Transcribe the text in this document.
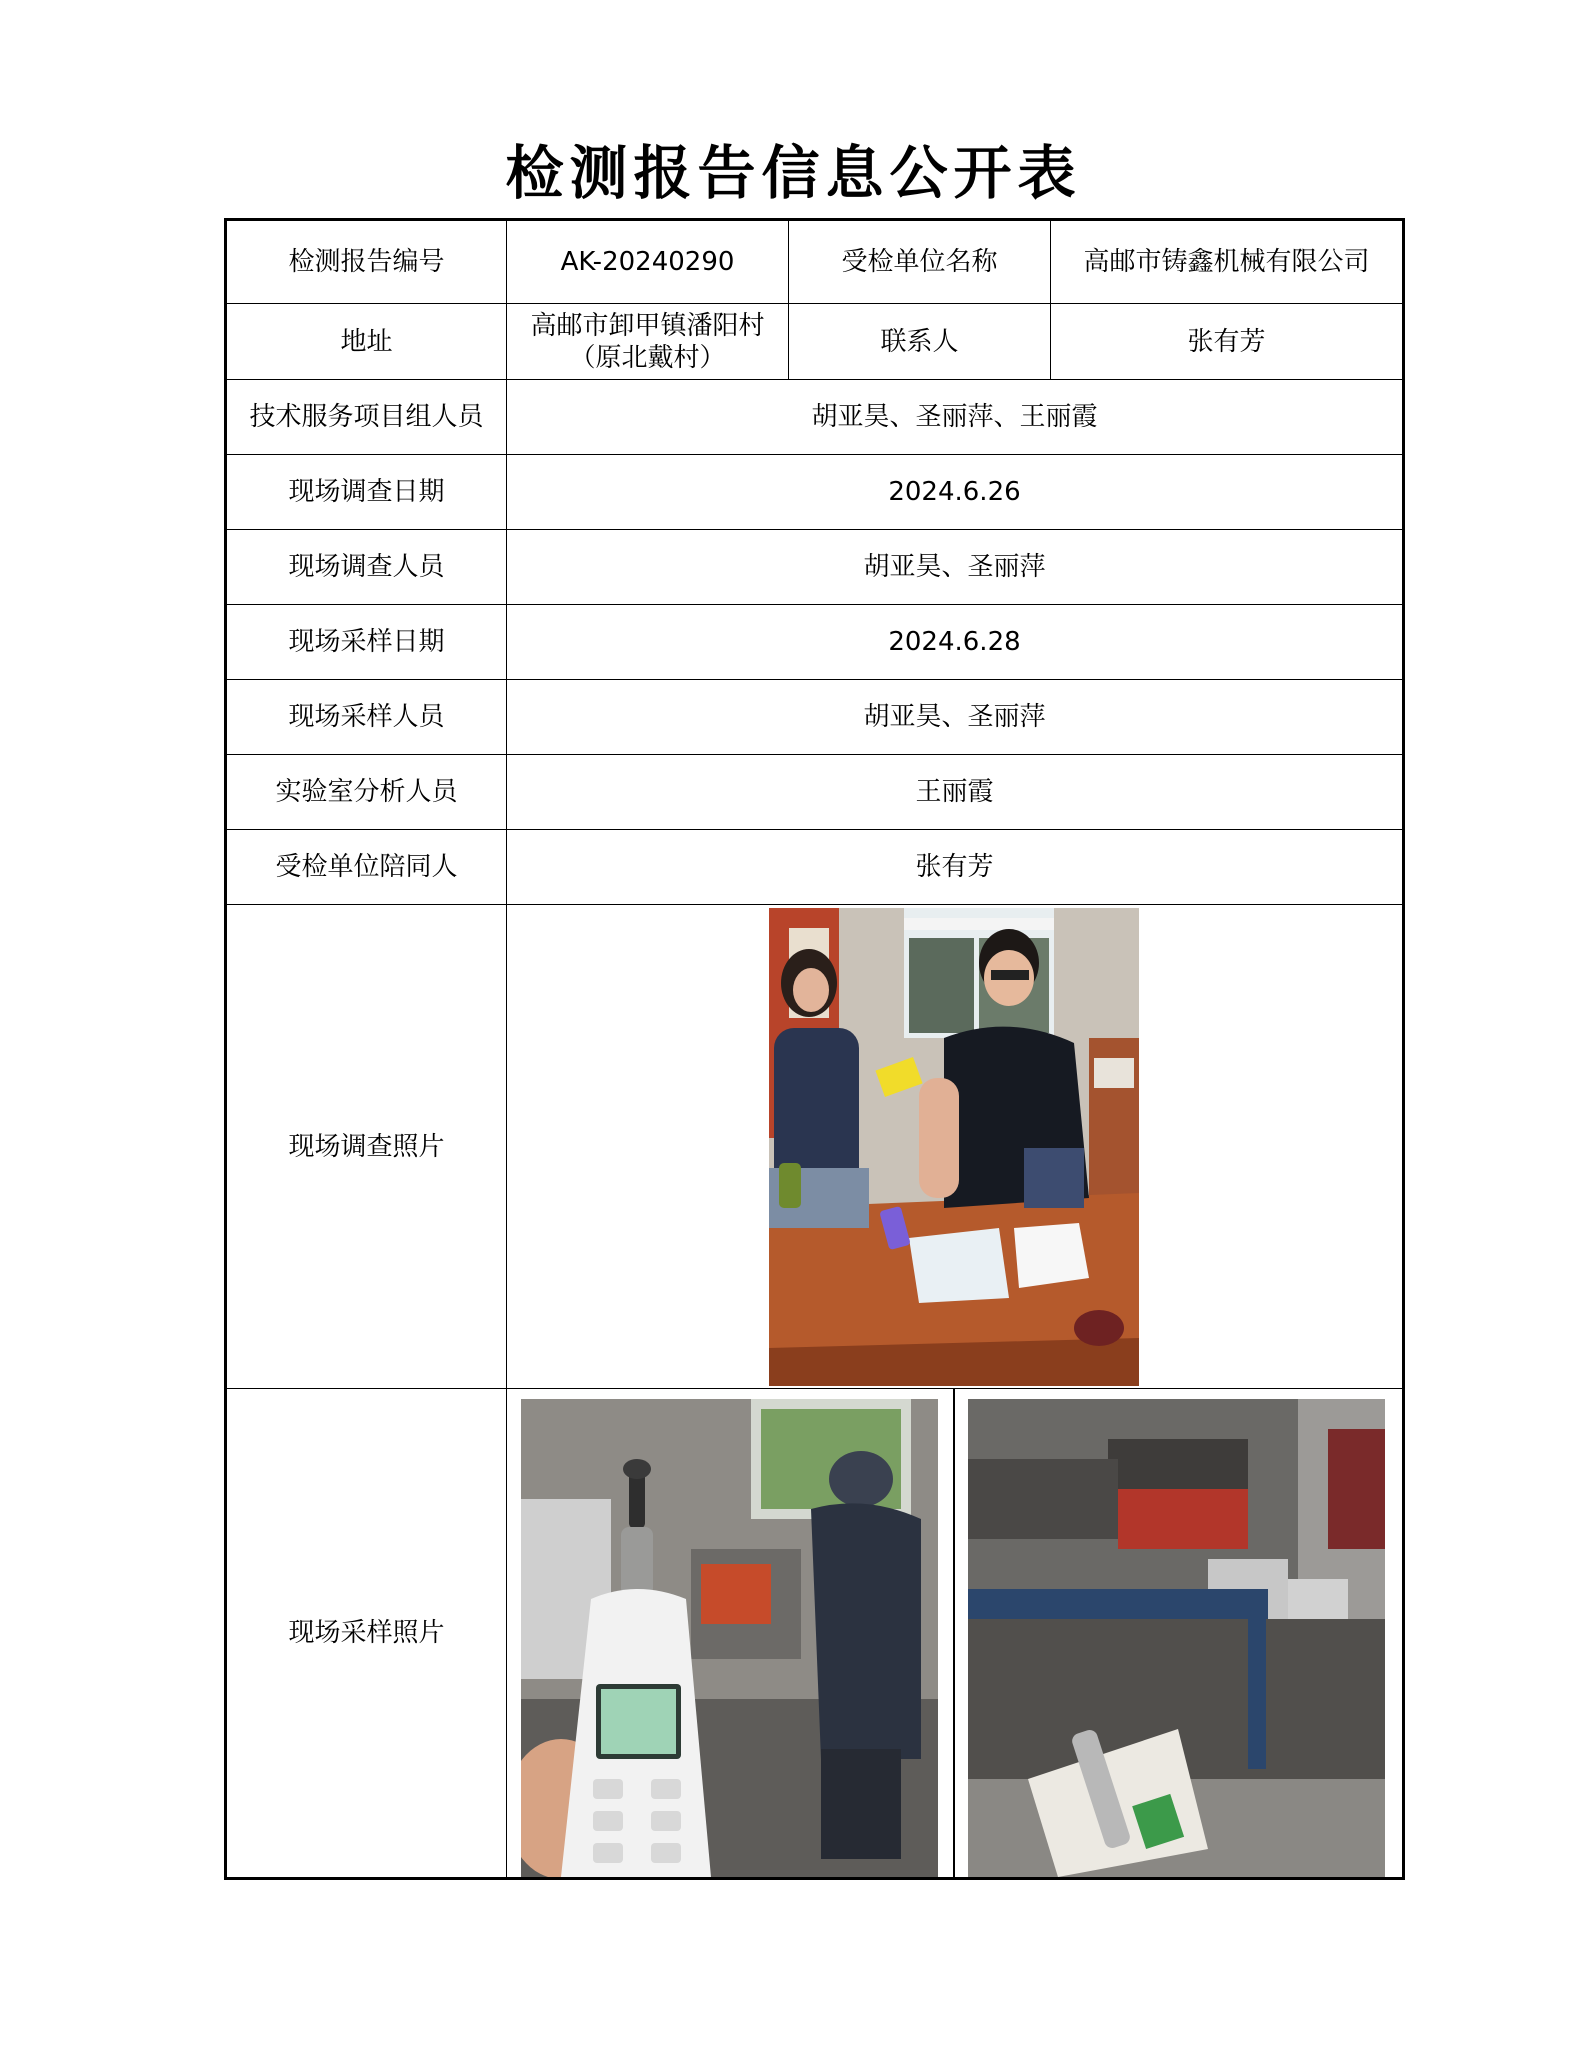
检测报告信息公开表
检测报告编号	AK-20240290	受检单位名称	高邮市铸鑫机械有限公司
地址	高邮市卸甲镇潘阳村（原北戴村）	联系人	张有芳
技术服务项目组人员	胡亚昊、圣丽萍、王丽霞		
现场调查日期	2024.6.26		
现场调查人员	胡亚昊、圣丽萍		
现场采样日期	2024.6.28		
现场采样人员	胡亚昊、圣丽萍		
实验室分析人员	王丽霞		
受检单位陪同人	张有芳		
现场调查照片	

现场采样照片	
